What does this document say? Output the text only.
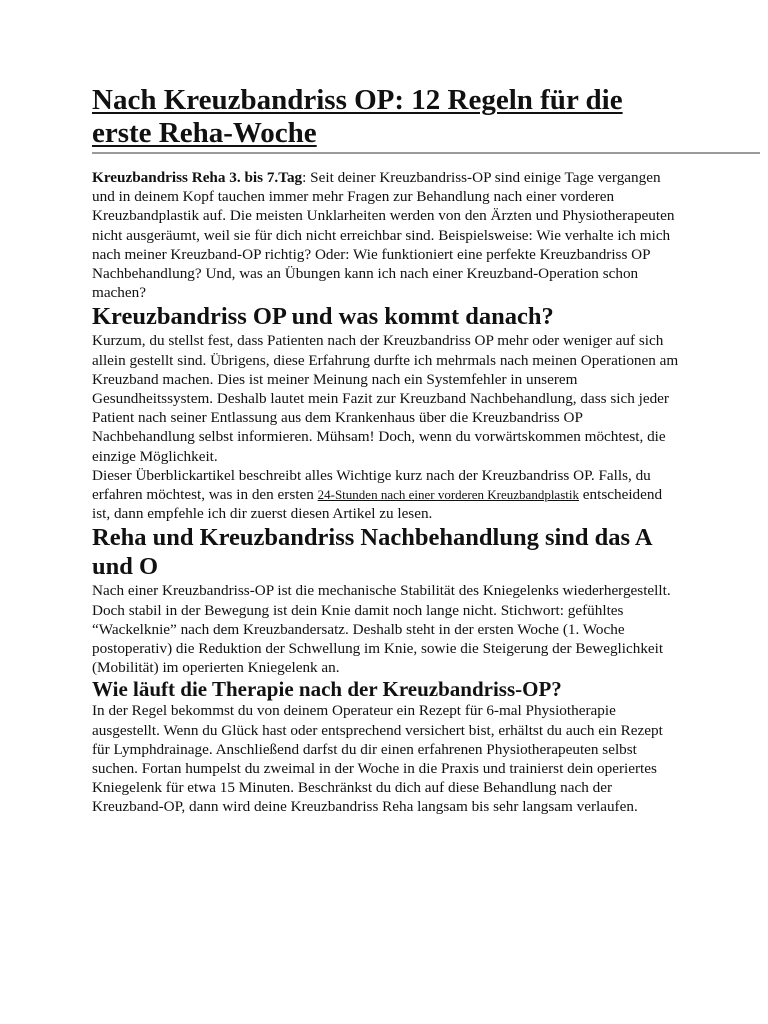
Nach Kreuzbandriss OP: 12 Regeln für die erste Reha-Woche

Kreuzbandriss Reha 3. bis 7.Tag: Seit deiner Kreuzbandriss-OP sind einige Tage vergangen und in deinem Kopf tauchen immer mehr Fragen zur Behandlung nach einer vorderen Kreuzbandplastik auf. Die meisten Unklarheiten werden von den Ärzten und Physiotherapeuten nicht ausgeräumt, weil sie für dich nicht erreichbar sind. Beispielsweise: Wie verhalte ich mich nach meiner Kreuzband-OP richtig? Oder: Wie funktioniert eine perfekte Kreuzbandriss OP Nachbehandlung? Und, was an Übungen kann ich nach einer Kreuzband-Operation schon machen?

Kreuzbandriss OP und was kommt danach?

Kurzum, du stellst fest, dass Patienten nach der Kreuzbandriss OP mehr oder weniger auf sich allein gestellt sind. Übrigens, diese Erfahrung durfte ich mehrmals nach meinen Operationen am Kreuzband machen. Dies ist meiner Meinung nach ein Systemfehler in unserem Gesundheitssystem. Deshalb lautet mein Fazit zur Kreuzband Nachbehandlung, dass sich jeder Patient nach seiner Entlassung aus dem Krankenhaus über die Kreuzbandriss OP Nachbehandlung selbst informieren. Mühsam! Doch, wenn du vorwärtskommen möchtest, die einzige Möglichkeit.

Dieser Überblickartikel beschreibt alles Wichtige kurz nach der Kreuzbandriss OP. Falls, du erfahren möchtest, was in den ersten 24-Stunden nach einer vorderen Kreuzbandplastik entscheidend ist, dann empfehle ich dir zuerst diesen Artikel zu lesen.

Reha und Kreuzbandriss Nachbehandlung sind das A und O

Nach einer Kreuzbandriss-OP ist die mechanische Stabilität des Kniegelenks wiederhergestellt. Doch stabil in der Bewegung ist dein Knie damit noch lange nicht. Stichwort: gefühltes “Wackelknie” nach dem Kreuzbandersatz. Deshalb steht in der ersten Woche (1. Woche postoperativ) die Reduktion der Schwellung im Knie, sowie die Steigerung der Beweglichkeit (Mobilität) im operierten Kniegelenk an.

Wie läuft die Therapie nach der Kreuzbandriss-OP?

In der Regel bekommst du von deinem Operateur ein Rezept für 6-mal Physiotherapie ausgestellt. Wenn du Glück hast oder entsprechend versichert bist, erhältst du auch ein Rezept für Lymphdrainage. Anschließend darfst du dir einen erfahrenen Physiotherapeuten selbst suchen. Fortan humpelst du zweimal in der Woche in die Praxis und trainierst dein operiertes Kniegelenk für etwa 15 Minuten. Beschränkst du dich auf diese Behandlung nach der Kreuzband-OP, dann wird deine Kreuzbandriss Reha langsam bis sehr langsam verlaufen.
